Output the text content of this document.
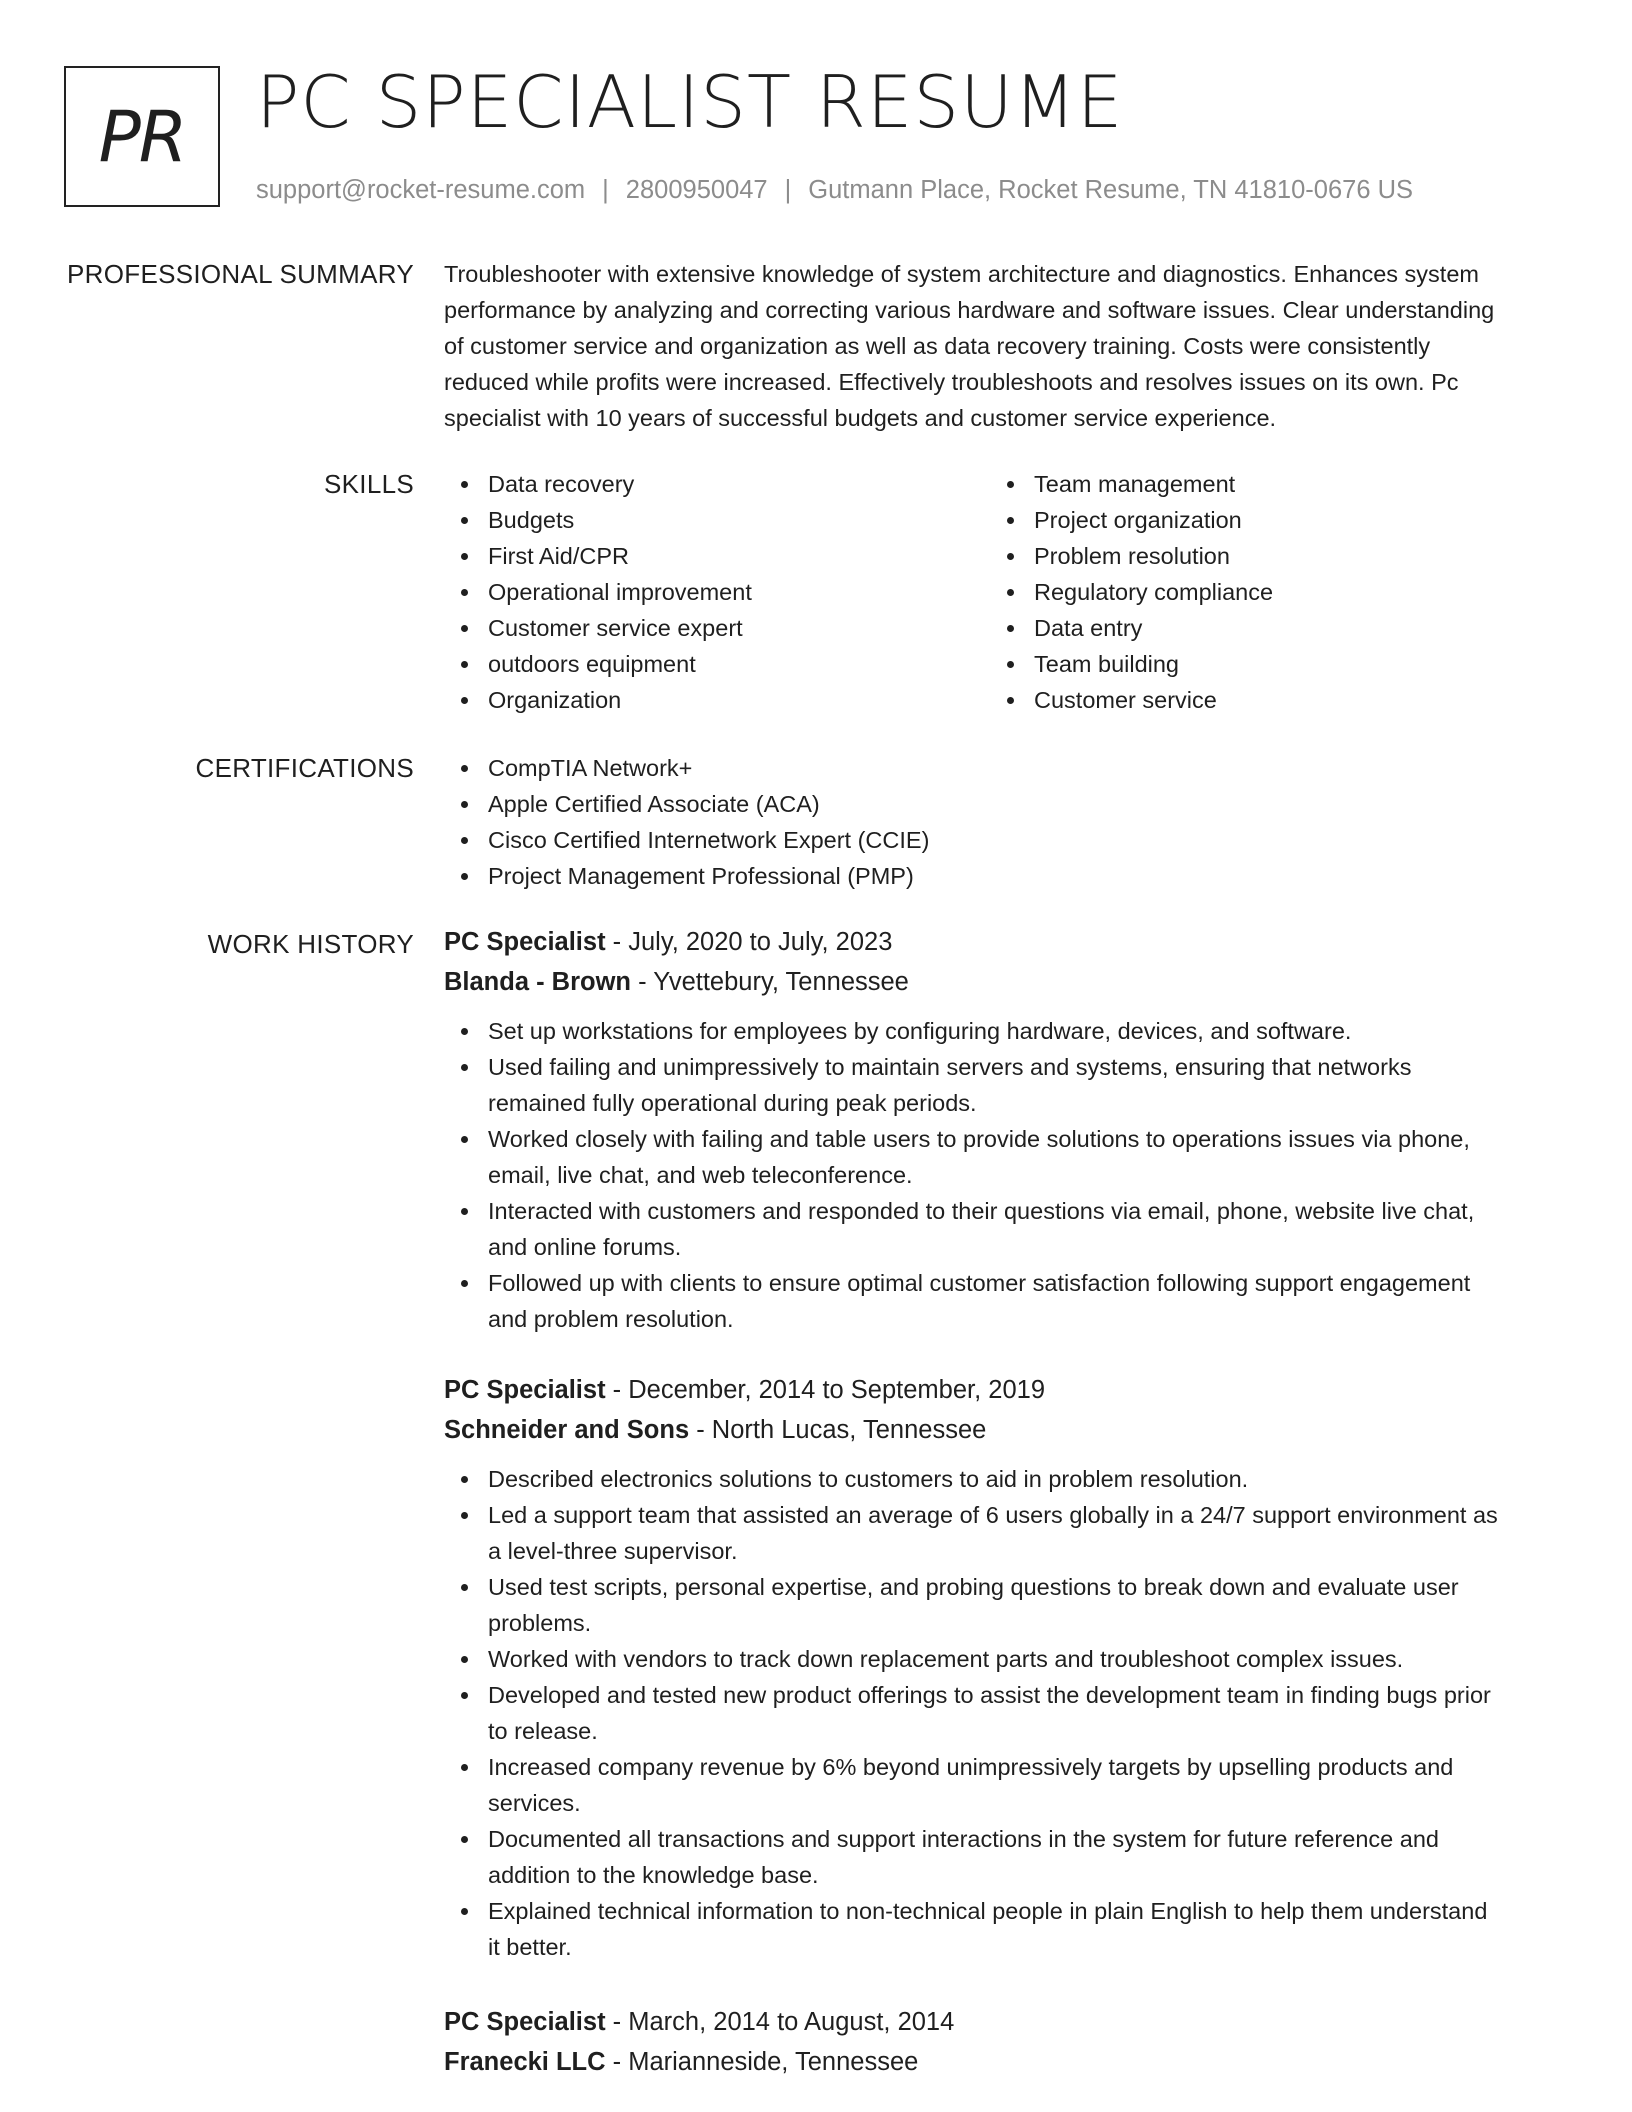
PR PC SPECIALIST RESUME
support@rocket-resume.com | 2800950047 | Gutmann Place, Rocket Resume, TN 41810-0676 US
PROFESSIONAL SUMMARY Troubleshooter with extensive knowledge of system architecture and diagnostics. Enhances system
performance by analyzing and correcting various hardware and software issues. Clear understanding
of customer service and organization as well as data recovery training. Costs were consistently
reduced while profits were increased. Effectively troubleshoots and resolves issues on its own. Pc
specialist with 10 years of successful budgets and customer service experience.
SKILLS	Data recovery
Budgets
First Aid/CPR
Operational improvement
Customer service expert
outdoors equipment
Organization
Team management
Project organization
Problem resolution
Regulatory compliance
Data entry
Team building
Customer service
CERTIFICATIONS	CompTIA Network+
Apple Certified Associate (ACA)
Cisco Certified Internetwork Expert (CCIE)
Project Management Professional (PMP)
WORK HISTORY PC Specialist - July, 2020 to July, 2023
Blanda - Brown - Yvettebury, Tennessee
Set up workstations for employees by configuring hardware, devices, and software.
Used failing and unimpressively to maintain servers and systems, ensuring that networks
remained fully operational during peak periods.
Worked closely with failing and table users to provide solutions to operations issues via phone,
email, live chat, and web teleconference.
Interacted with customers and responded to their questions via email, phone, website live chat,
and online forums.
Followed up with clients to ensure optimal customer satisfaction following support engagement
and problem resolution.
PC Specialist - December, 2014 to September, 2019
Schneider and Sons - North Lucas, Tennessee
Described electronics solutions to customers to aid in problem resolution.
Led a support team that assisted an average of 6 users globally in a 24/7 support environment as
a level-three supervisor.
Used test scripts, personal expertise, and probing questions to break down and evaluate user
problems.
Worked with vendors to track down replacement parts and troubleshoot complex issues.
Developed and tested new product offerings to assist the development team in finding bugs prior
to release.
Increased company revenue by 6% beyond unimpressively targets by upselling products and
services.
Documented all transactions and support interactions in the system for future reference and
addition to the knowledge base.
Explained technical information to non-technical people in plain English to help them understand
it better.
PC Specialist - March, 2014 to August, 2014
Franecki LLC - Marianneside, Tennessee
